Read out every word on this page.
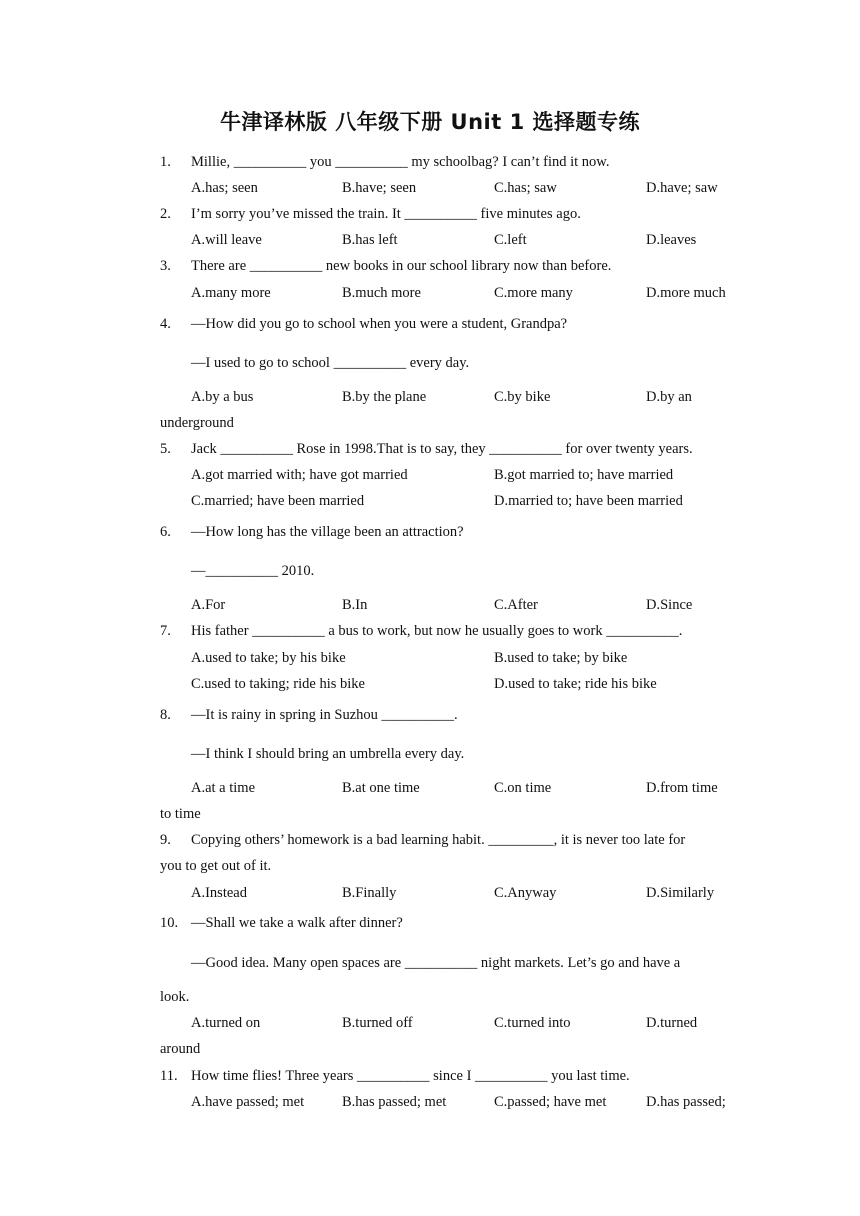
牛津译林版 八年级下册 Unit 1 选择题专练
1. Millie, __________ you __________ my schoolbag? I can’t find it now.
A.has; seen	B.have; seen	C.has; saw	D.have; saw
2. I’m sorry you’ve missed the train. It __________ five minutes ago.
A.will leave	B.has left	C.left	D.leaves
3. There are __________ new books in our school library now than before.
A.many more	B.much more	C.more many	D.more much
4. —How did you go to school when you were a student, Grandpa?
—I used to go to school __________ every day.
A.by a bus	B.by the plane	C.by bike	D.by an
underground
5. Jack __________ Rose in 1998.That is to say, they __________ for over twenty years.
A.got married with; have got married	B.got married to; have married
C.married; have been married	D.married to; have been married
6. —How long has the village been an attraction?
—__________ 2010.
A.For	B.In	C.After	D.Since
7. His father __________ a bus to work, but now he usually goes to work __________.
A.used to take; by his bike	B.used to take; by bike
C.used to taking; ride his bike	D.used to take; ride his bike
8. —It is rainy in spring in Suzhou __________.
—I think I should bring an umbrella every day.
A.at a time	B.at one time	C.on time	D.from time
to time
9. Copying others’ homework is a bad learning habit. _________, it is never too late for
you to get out of it.
A.Instead	B.Finally	C.Anyway	D.Similarly
10. —Shall we take a walk after dinner?
—Good idea. Many open spaces are __________ night markets. Let’s go and have a
look.
A.turned on	B.turned off	C.turned into	D.turned
around
11. How time flies! Three years __________ since I __________ you last time.
A.have passed; met	B.has passed; met	C.passed; have met	D.has passed;
